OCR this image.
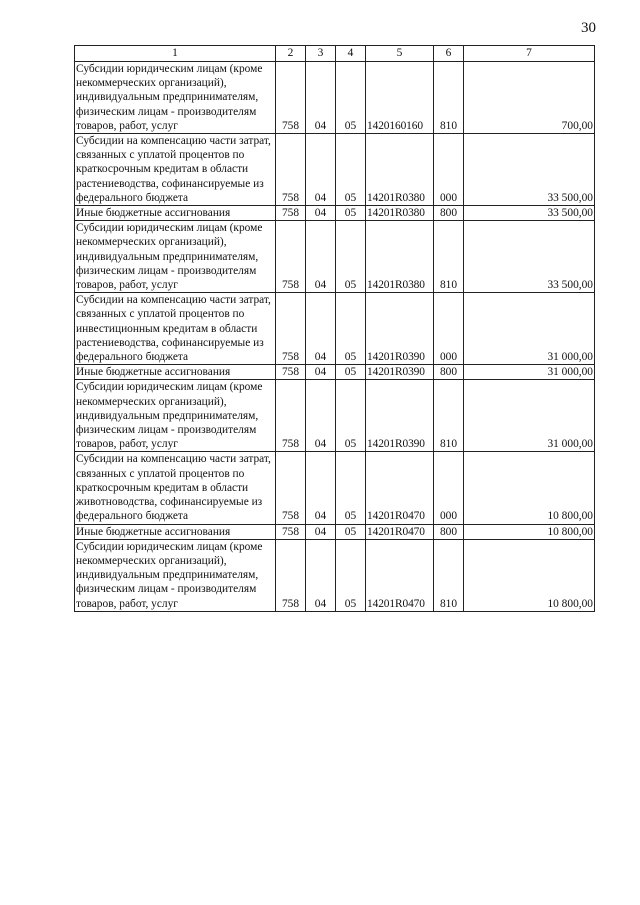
30
1	2	3	4	5	6	7
Субсидии юридическим лицам (кроме некоммерческих организаций), индивидуальным предпринимателям, физическим лицам - производителям товаров, работ, услуг	758	04	05	1420160160	810	700,00
Субсидии на компенсацию части затрат, связанных с уплатой процентов по краткосрочным кредитам в области растениеводства, софинансируемые из федерального бюджета	758	04	05	14201R0380	000	33 500,00
Иные бюджетные ассигнования	758	04	05	14201R0380	800	33 500,00
Субсидии юридическим лицам (кроме некоммерческих организаций), индивидуальным предпринимателям, физическим лицам - производителям товаров, работ, услуг	758	04	05	14201R0380	810	33 500,00
Субсидии на компенсацию части затрат, связанных с уплатой процентов по инвестиционным кредитам в области растениеводства, софинансируемые из федерального бюджета	758	04	05	14201R0390	000	31 000,00
Иные бюджетные ассигнования	758	04	05	14201R0390	800	31 000,00
Субсидии юридическим лицам (кроме некоммерческих организаций), индивидуальным предпринимателям, физическим лицам - производителям товаров, работ, услуг	758	04	05	14201R0390	810	31 000,00
Субсидии на компенсацию части затрат, связанных с уплатой процентов по краткосрочным кредитам в области животноводства, софинансируемые из федерального бюджета	758	04	05	14201R0470	000	10 800,00
Иные бюджетные ассигнования	758	04	05	14201R0470	800	10 800,00
Субсидии юридическим лицам (кроме некоммерческих организаций), индивидуальным предпринимателям, физическим лицам - производителям товаров, работ, услуг	758	04	05	14201R0470	810	10 800,00
